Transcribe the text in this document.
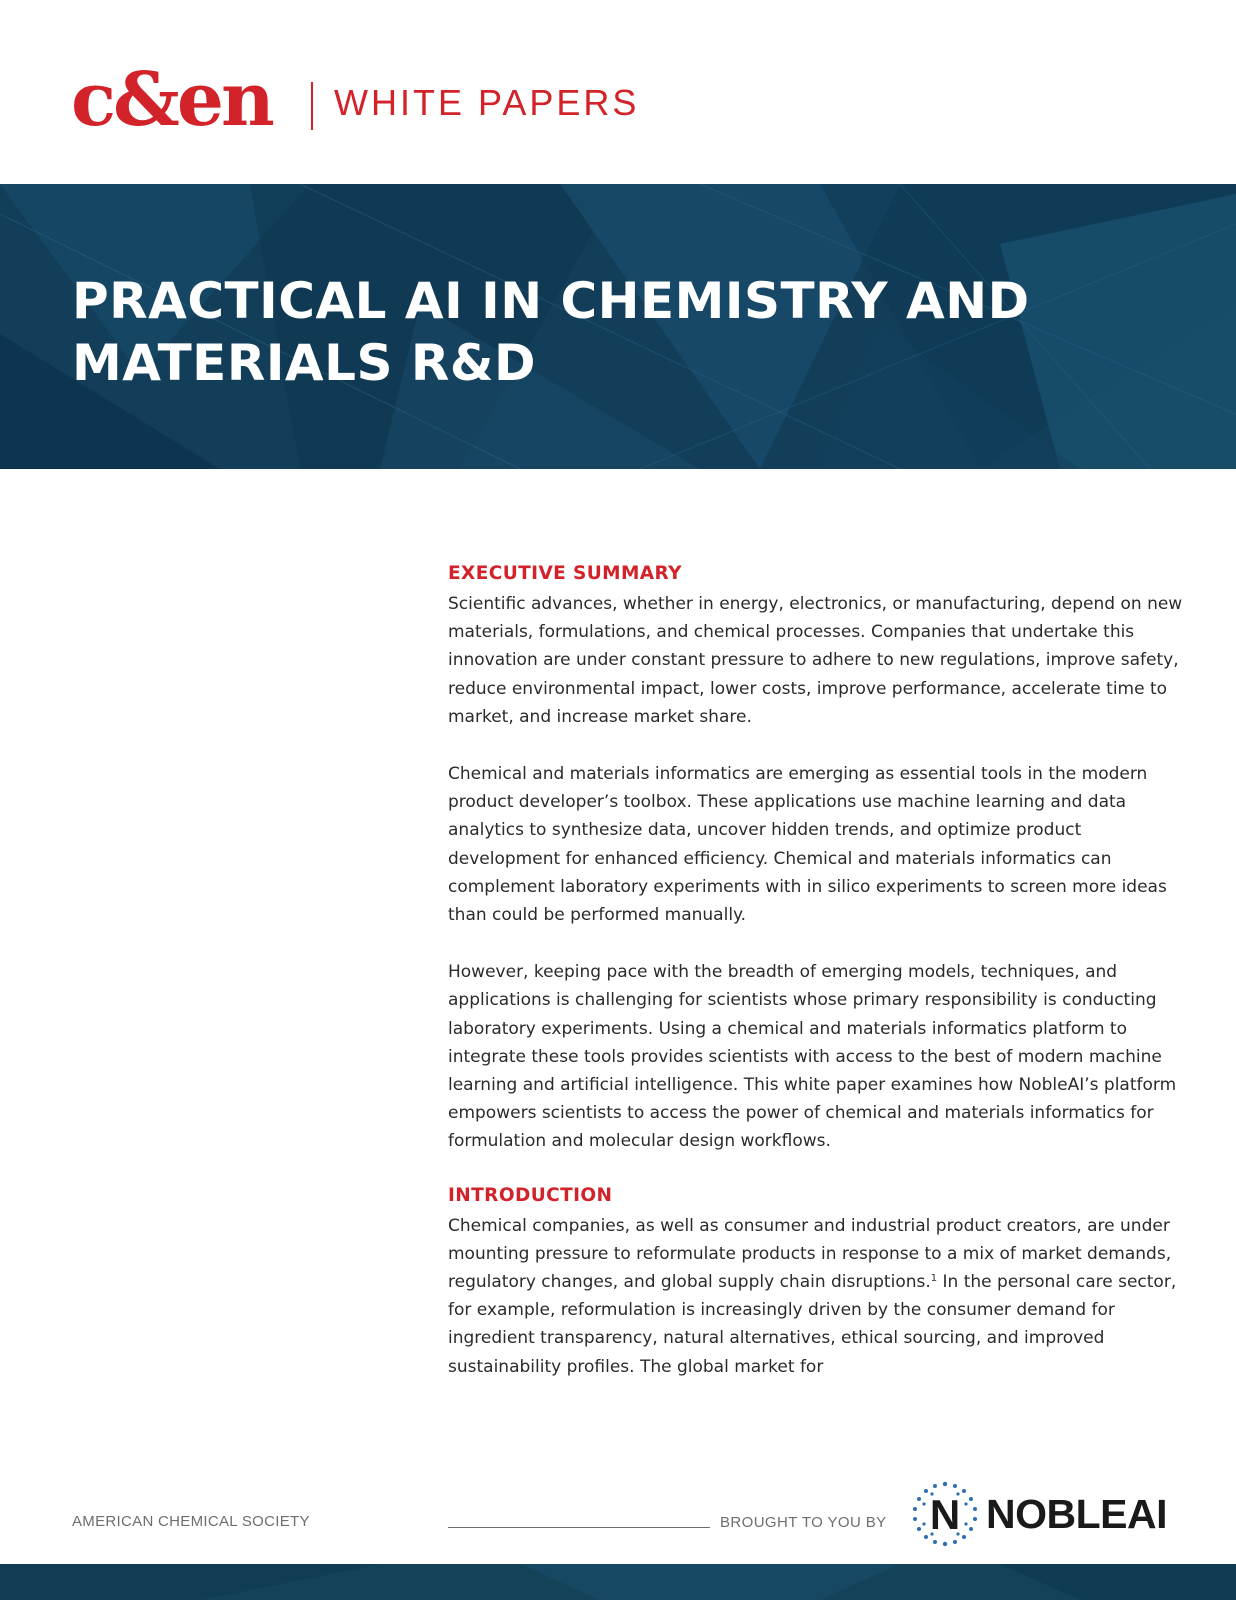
c&en WHITE PAPERS
PRACTICAL AI IN CHEMISTRY AND
MATERIALS R&D
EXECUTIVE SUMMARY

Scientific advances, whether in energy, electronics, or manufacturing, depend on new materials, formulations, and chemical processes. Companies that undertake this innovation are under constant pressure to adhere to new regulations, improve safety, reduce environmental impact, lower costs, improve performance, accelerate time to market, and increase market share.

Chemical and materials informatics are emerging as essential tools in the modern product developer’s toolbox. These applications use machine learning and data analytics to synthesize data, uncover hidden trends, and optimize product development for enhanced efficiency. Chemical and materials informatics can complement laboratory experiments with in silico experiments to screen more ideas than could be performed manually.

However, keeping pace with the breadth of emerging models, techniques, and applications is challenging for scientists whose primary responsibility is conducting laboratory experiments. Using a chemical and materials informatics platform to integrate these tools provides scientists with access to the best of modern machine learning and artificial intelligence. This white paper examines how NobleAI’s platform empowers scientists to access the power of chemical and materials informatics for formulation and molecular design workflows.

INTRODUCTION

Chemical companies, as well as consumer and industrial product creators, are under mounting pressure to reformulate products in response to a mix of market demands, regulatory changes, and global supply chain disruptions.$^1$ In the personal care sector, for example, reformulation is increasingly driven by the consumer demand for ingredient transparency, natural alternatives, ethical sourcing, and improved sustainability profiles. The global market for

AMERICAN CHEMICAL SOCIETY	BROUGHT TO YOU BY N NOBLEAI
